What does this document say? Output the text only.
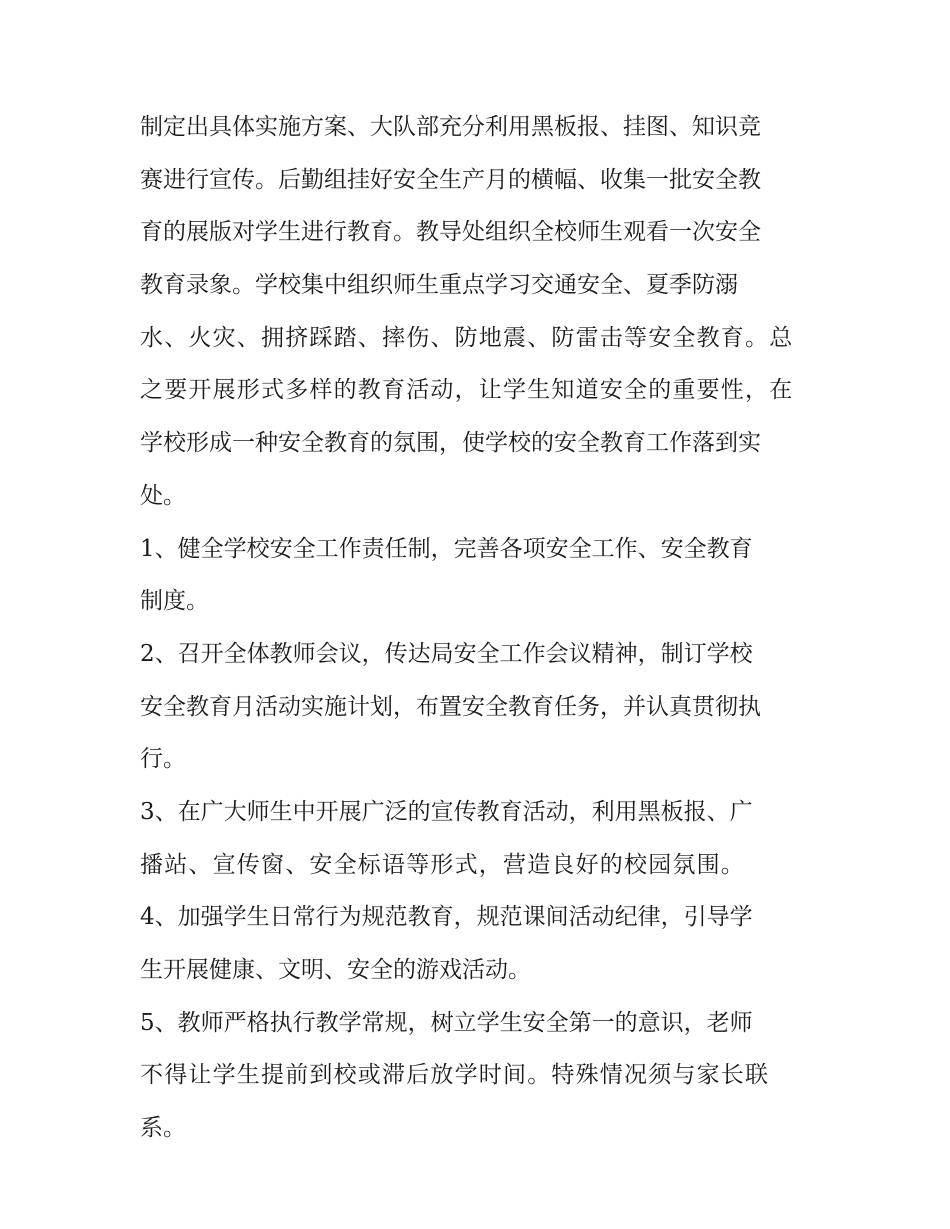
制定出具体实施方案、大队部充分利用黑板报、挂图、知识竞
赛进行宣传。后勤组挂好安全生产月的横幅、收集一批安全教
育的展版对学生进行教育。教导处组织全校师生观看一次安全
教育录象。学校集中组织师生重点学习交通安全、夏季防溺
水、火灾、拥挤踩踏、摔伤、防地震、防雷击等安全教育。总
之要开展形式多样的教育活动，让学生知道安全的重要性，在
学校形成一种安全教育的氛围，使学校的安全教育工作落到实
处。
1、健全学校安全工作责任制，完善各项安全工作、安全教育
制度。
2、召开全体教师会议，传达局安全工作会议精神，制订学校
安全教育月活动实施计划，布置安全教育任务，并认真贯彻执
行。
3、在广大师生中开展广泛的宣传教育活动，利用黑板报、广
播站、宣传窗、安全标语等形式，营造良好的校园氛围。
4、加强学生日常行为规范教育，规范课间活动纪律，引导学
生开展健康、文明、安全的游戏活动。
5、教师严格执行教学常规，树立学生安全第一的意识，老师
不得让学生提前到校或滞后放学时间。特殊情况须与家长联
系。
